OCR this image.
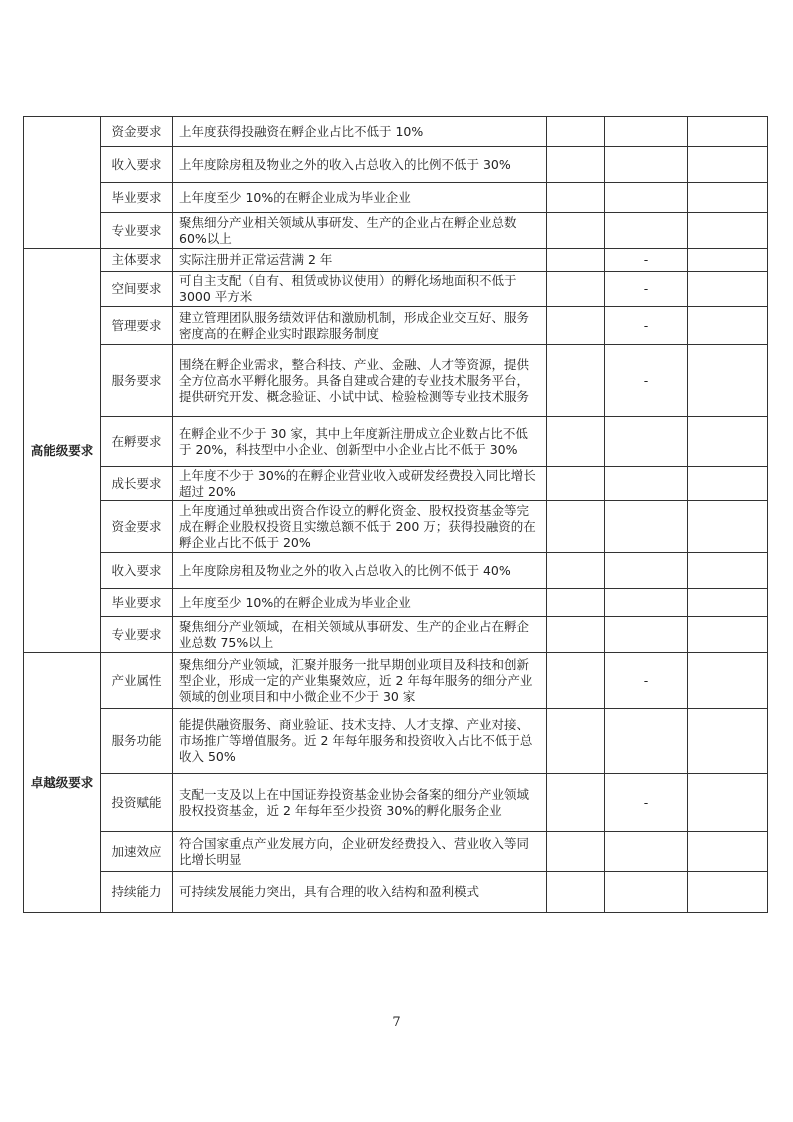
	资金要求	上年度获得投融资在孵企业占比不低于 10%			
	收入要求	上年度除房租及物业之外的收入占总收入的比例不低于 30%			
	毕业要求	上年度至少 10%的在孵企业成为毕业企业			
	专业要求	聚焦细分产业相关领域从事研发、生产的企业占在孵企业总数 60%以上			
高能级要求	主体要求	实际注册并正常运营满 2 年		-	
	空间要求	可自主支配（自有、租赁或协议使用）的孵化场地面积不低于 3000 平方米		-	
	管理要求	建立管理团队服务绩效评估和激励机制，形成企业交互好、服务密度高的在孵企业实时跟踪服务制度		-	
	服务要求	围绕在孵企业需求，整合科技、产业、金融、人才等资源，提供全方位高水平孵化服务。具备自建或合建的专业技术服务平台，提供研究开发、概念验证、小试中试、检验检测等专业技术服务		-	
	在孵要求	在孵企业不少于 30 家，其中上年度新注册成立企业数占比不低于 20%，科技型中小企业、创新型中小企业占比不低于 30%			
	成长要求	上年度不少于 30%的在孵企业营业收入或研发经费投入同比增长超过 20%			
	资金要求	上年度通过单独或出资合作设立的孵化资金、股权投资基金等完成在孵企业股权投资且实缴总额不低于 200 万；获得投融资的在孵企业占比不低于 20%			
	收入要求	上年度除房租及物业之外的收入占总收入的比例不低于 40%			
	毕业要求	上年度至少 10%的在孵企业成为毕业企业			
	专业要求	聚焦细分产业领域，在相关领域从事研发、生产的企业占在孵企业总数 75%以上			
卓越级要求	产业属性	聚焦细分产业领域，汇聚并服务一批早期创业项目及科技和创新型企业，形成一定的产业集聚效应，近 2 年每年服务的细分产业领域的创业项目和中小微企业不少于 30 家		-	
	服务功能	能提供融资服务、商业验证、技术支持、人才支撑、产业对接、市场推广等增值服务。近 2 年每年服务和投资收入占比不低于总收入 50%			
	投资赋能	支配一支及以上在中国证券投资基金业协会备案的细分产业领域股权投资基金，近 2 年每年至少投资 30%的孵化服务企业		-	
	加速效应	符合国家重点产业发展方向，企业研发经费投入、营业收入等同比增长明显			
	持续能力	可持续发展能力突出，具有合理的收入结构和盈利模式			
7
